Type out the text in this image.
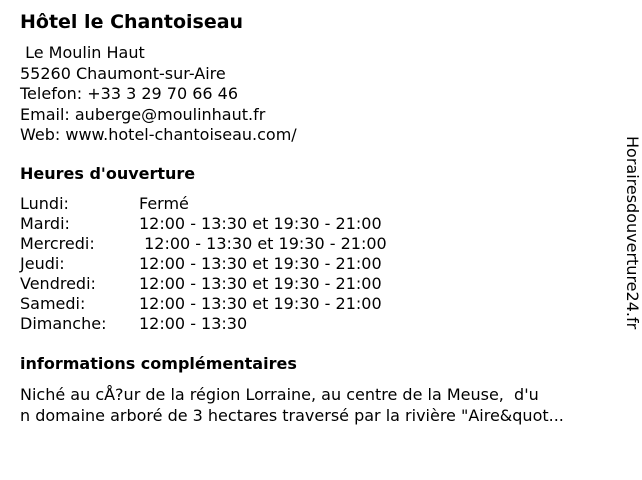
Hôtel le Chantoiseau
Le Moulin Haut
55260 Chaumont-sur-Aire
Telefon: +33 3 29 70 66 46
Email: auberge@moulinhaut.fr
Web: www.hotel-chantoiseau.com/
Heures d'ouverture
Lundi:	Fermé
Mardi:	12:00 - 13:30 et 19:30 - 21:00
Mercredi:	12:00 - 13:30 et 19:30 - 21:00
Jeudi:	12:00 - 13:30 et 19:30 - 21:00
Vendredi:	12:00 - 13:30 et 19:30 - 21:00
Samedi:	12:00 - 13:30 et 19:30 - 21:00
Dimanche: 12:00 - 13:30
informations complémentaires
Niché au cÅ?ur de la région Lorraine, au centre de la Meuse,  d'u
n domaine arboré de 3 hectares traversé par la rivière "Aire&quot...
Horairesdouverture24.fr
